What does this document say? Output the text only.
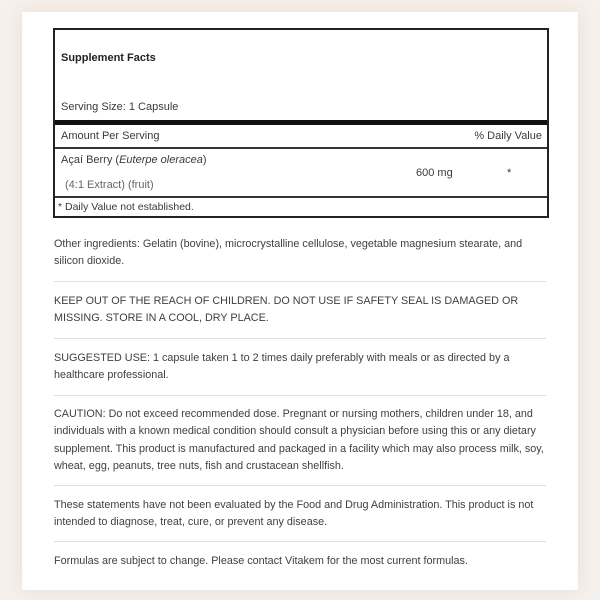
Supplement Facts
Serving Size: 1 Capsule
Amount Per Serving	% Daily Value
Açaí Berry (Euterpe oleracea)
(4:1 Extract) (fruit)
600 mg	*
* Daily Value not established.
Other ingredients: Gelatin (bovine), microcrystalline cellulose, vegetable magnesium stearate, and silicon dioxide.
KEEP OUT OF THE REACH OF CHILDREN. DO NOT USE IF SAFETY SEAL IS DAMAGED OR MISSING. STORE IN A COOL, DRY PLACE.
SUGGESTED USE: 1 capsule taken 1 to 2 times daily preferably with meals or as directed by a healthcare professional.
CAUTION: Do not exceed recommended dose. Pregnant or nursing mothers, children under 18, and individuals with a known medical condition should consult a physician before using this or any dietary supplement. This product is manufactured and packaged in a facility which may also process milk, soy, wheat, egg, peanuts, tree nuts, fish and crustacean shellfish.
These statements have not been evaluated by the Food and Drug Administration. This product is not intended to diagnose, treat, cure, or prevent any disease.
Formulas are subject to change. Please contact Vitakem for the most current formulas.
